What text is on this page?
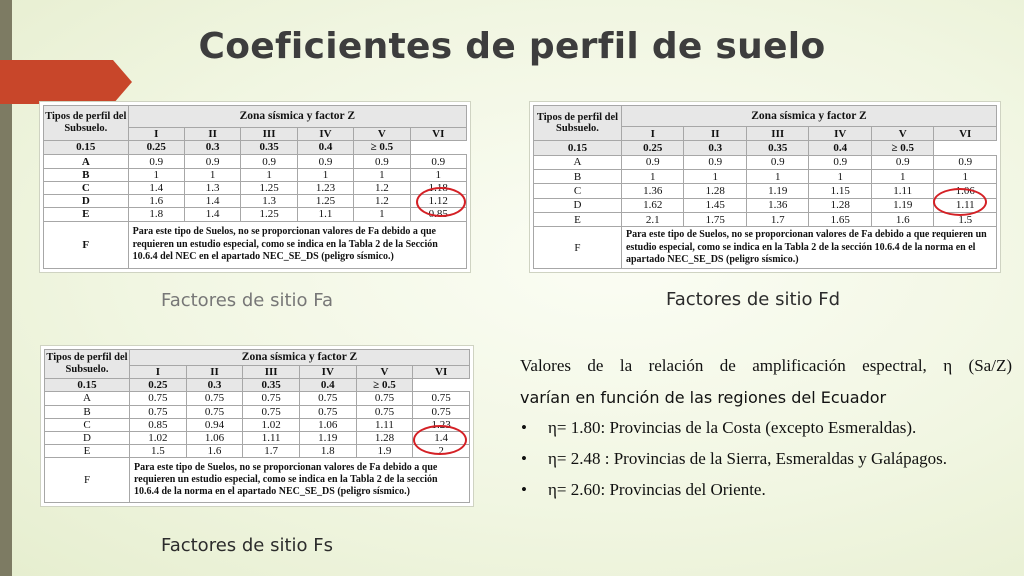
Coeficientes de perfil de suelo
Tipos de perfil del Subsuelo.	Zona sísmica y factor Z					
	I	II	III	IV	V	VI
0.15	0.25	0.3	0.35	0.4	≥ 0.5	
A	0.9	0.9	0.9	0.9	0.9	0.9
B	1	1	1	1	1	1
C	1.4	1.3	1.25	1.23	1.2	1.18
D	1.6	1.4	1.3	1.25	1.2	1.12
E	1.8	1.4	1.25	1.1	1	0.85
F	Para este tipo de Suelos, no se proporcionan valores de Fa debido a que requieren un estudio especial, como se indica en la Tabla 2 de la Sección 10.6.4 del NEC en el apartado NEC_SE_DS (peligro sísmico.)					
Factores de sitio Fa
Tipos de perfil del Subsuelo.	Zona sísmica y factor Z					
	I	II	III	IV	V	VI
0.15	0.25	0.3	0.35	0.4	≥ 0.5	
A	0.9	0.9	0.9	0.9	0.9	0.9
B	1	1	1	1	1	1
C	1.36	1.28	1.19	1.15	1.11	1.06
D	1.62	1.45	1.36	1.28	1.19	1.11
E	2.1	1.75	1.7	1.65	1.6	1.5
F	Para este tipo de Suelos, no se proporcionan valores de Fa debido a que requieren un estudio especial, como se indica en la Tabla 2 de la sección 10.6.4 de la norma en el apartado NEC_SE_DS (peligro sísmico.)					
Factores de sitio Fd
Tipos de perfil del Subsuelo.	Zona sísmica y factor Z					
	I	II	III	IV	V	VI
0.15	0.25	0.3	0.35	0.4	≥ 0.5	
A	0.75	0.75	0.75	0.75	0.75	0.75
B	0.75	0.75	0.75	0.75	0.75	0.75
C	0.85	0.94	1.02	1.06	1.11	1.23
D	1.02	1.06	1.11	1.19	1.28	1.4
E	1.5	1.6	1.7	1.8	1.9	2
F	Para este tipo de Suelos, no se proporcionan valores de Fa debido a que requieren un estudio especial, como se indica en la Tabla 2 de la sección 10.6.4 de la norma en el apartado NEC_SE_DS (peligro sísmico.)					
Factores de sitio Fs
Valores de la relación de amplificación espectral, η (Sa/Z)
varían en función de las regiones del Ecuador
• η= 1.80: Provincias de la Costa (excepto Esmeraldas).
• η= 2.48 : Provincias de la Sierra, Esmeraldas y Galápagos.
• η= 2.60: Provincias del Oriente.
